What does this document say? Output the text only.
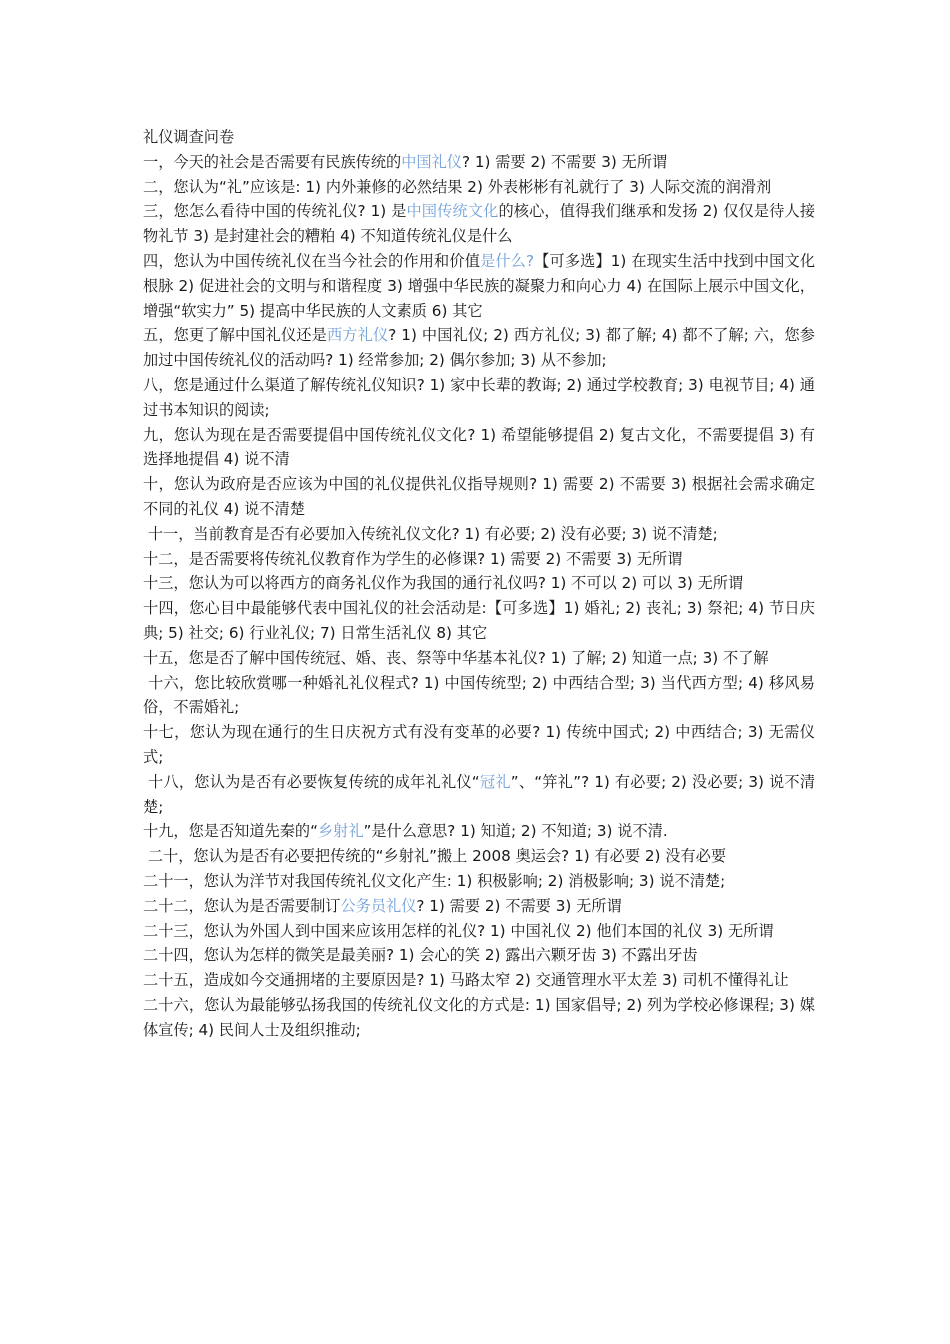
礼仪调查问卷

一，今天的社会是否需要有民族传统的中国礼仪? 1) 需要 2) 不需要 3) 无所谓

二，您认为“礼”应该是: 1) 内外兼修的必然结果 2) 外表彬彬有礼就行了 3) 人际交流的润滑剂

三，您怎么看待中国的传统礼仪? 1) 是中国传统文化的核心，值得我们继承和发扬 2) 仅仅是待人接物礼节 3) 是封建社会的糟粕 4) 不知道传统礼仪是什么

四，您认为中国传统礼仪在当今社会的作用和价值是什么?【可多选】1) 在现实生活中找到中国文化根脉 2) 促进社会的文明与和谐程度 3) 增强中华民族的凝聚力和向心力 4) 在国际上展示中国文化，增强“软实力” 5) 提高中华民族的人文素质 6) 其它

五，您更了解中国礼仪还是西方礼仪? 1) 中国礼仪; 2) 西方礼仪; 3) 都了解; 4) 都不了解; 六，您参加过中国传统礼仪的活动吗? 1) 经常参加; 2) 偶尔参加; 3) 从不参加;

八，您是通过什么渠道了解传统礼仪知识? 1) 家中长辈的教诲; 2) 通过学校教育; 3) 电视节目; 4) 通过书本知识的阅读;

九，您认为现在是否需要提倡中国传统礼仪文化? 1) 希望能够提倡 2) 复古文化，不需要提倡 3) 有选择地提倡 4) 说不清

十，您认为政府是否应该为中国的礼仪提供礼仪指导规则? 1) 需要 2) 不需要 3) 根据社会需求确定不同的礼仪 4) 说不清楚

十一，当前教育是否有必要加入传统礼仪文化? 1) 有必要; 2) 没有必要; 3) 说不清楚;

十二，是否需要将传统礼仪教育作为学生的必修课? 1) 需要 2) 不需要 3) 无所谓

十三，您认为可以将西方的商务礼仪作为我国的通行礼仪吗? 1) 不可以 2) 可以 3) 无所谓

十四，您心目中最能够代表中国礼仪的社会活动是:【可多选】1) 婚礼; 2) 丧礼; 3) 祭祀; 4) 节日庆典; 5) 社交; 6) 行业礼仪; 7) 日常生活礼仪 8) 其它

十五，您是否了解中国传统冠、婚、丧、祭等中华基本礼仪? 1) 了解; 2) 知道一点; 3) 不了解

十六，您比较欣赏哪一种婚礼礼仪程式? 1) 中国传统型; 2) 中西结合型; 3) 当代西方型; 4) 移风易俗，不需婚礼;

十七，您认为现在通行的生日庆祝方式有没有变革的必要? 1) 传统中国式; 2) 中西结合; 3) 无需仪式;

十八，您认为是否有必要恢复传统的成年礼礼仪“冠礼”、“笄礼”? 1) 有必要; 2) 没必要; 3) 说不清楚;

十九，您是否知道先秦的“乡射礼”是什么意思? 1) 知道; 2) 不知道; 3) 说不清.

二十，您认为是否有必要把传统的“乡射礼”搬上 2008 奥运会? 1) 有必要 2) 没有必要

二十一，您认为洋节对我国传统礼仪文化产生: 1) 积极影响; 2) 消极影响; 3) 说不清楚;

二十二，您认为是否需要制订公务员礼仪? 1) 需要 2) 不需要 3) 无所谓

二十三，您认为外国人到中国来应该用怎样的礼仪? 1) 中国礼仪 2) 他们本国的礼仪 3) 无所谓

二十四，您认为怎样的微笑是最美丽? 1) 会心的笑 2) 露出六颗牙齿 3) 不露出牙齿

二十五，造成如今交通拥堵的主要原因是? 1) 马路太窄 2) 交通管理水平太差 3) 司机不懂得礼让

二十六，您认为最能够弘扬我国的传统礼仪文化的方式是: 1) 国家倡导; 2) 列为学校必修课程; 3) 媒体宣传; 4) 民间人士及组织推动;
